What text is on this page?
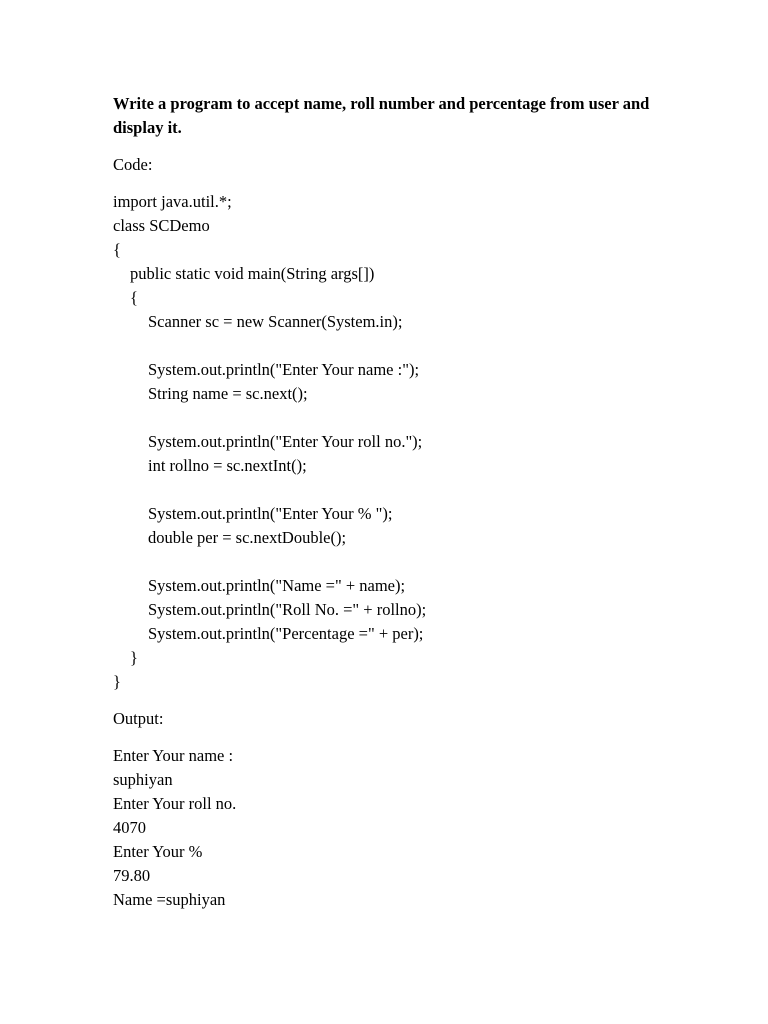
Write a program to accept name, roll number and percentage from user and display it.

Code:

import java.util.*;
class SCDemo
{
public static void main(String args[])
{
Scanner sc = new Scanner(System.in);
System.out.println("Enter Your name :");
String name = sc.next();
System.out.println("Enter Your roll no.");
int rollno = sc.nextInt();
System.out.println("Enter Your % ");
double per = sc.nextDouble();
System.out.println("Name =" + name);
System.out.println("Roll No. =" + rollno);
System.out.println("Percentage =" + per);
}
}

Output:

Enter Your name :
suphiyan
Enter Your roll no.
4070
Enter Your %
79.80
Name =suphiyan
